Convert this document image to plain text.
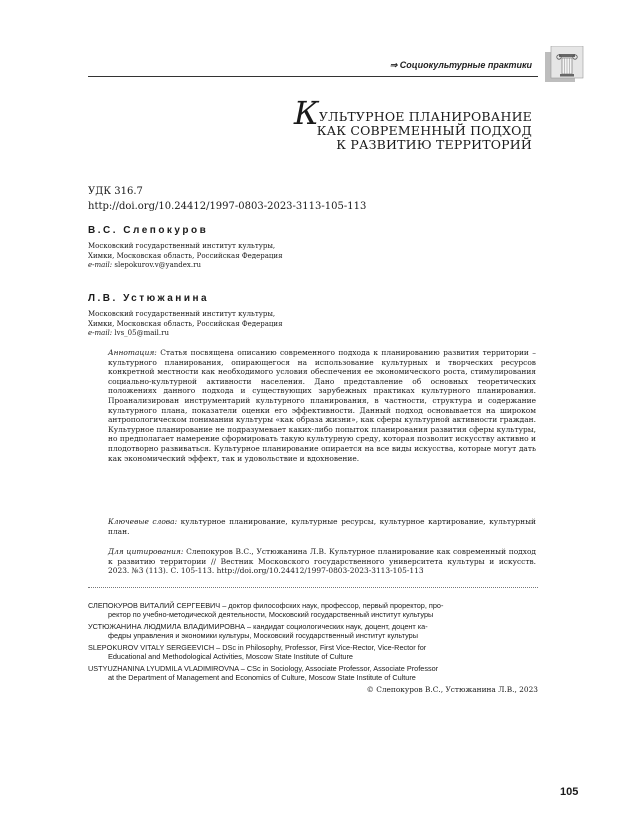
⇒ Социокультурные практики
КУЛЬТУРНОЕ ПЛАНИРОВАНИЕ
КАК СОВРЕМЕННЫЙ ПОДХОД
К РАЗВИТИЮ ТЕРРИТОРИЙ
УДК 316.7
http://doi.org/10.24412/1997-0803-2023-3113-105-113
В.С. Слепокуров
Московский государственный институт культуры,
Химки, Московская область, Российская Федерация
e-mail: slepokurov.v@yandex.ru
Л.В. Устюжанина
Московский государственный институт культуры,
Химки, Московская область, Российская Федерация
e-mail: lvs_05@mail.ru
Аннотация: Статья посвящена описанию современного подхода к планированию развития территории – культурного планирования, опирающегося на использование культурных и творческих ресурсов конкретной местности как необходимого условия обеспечения ее экономического роста, стимулирования социально-культурной активности населения. Дано представление об основных теоретических положениях данного подхода и существующих зарубежных практиках культурного планирования. Проанализирован инструментарий культурного планирования, в частности, структура и содержание культурного плана, показатели оценки его эффективности. Данный подход основывается на широком антропологическом понимании культуры «как образа жизни», как сферы культурной активности граждан. Культурное планирование не подразумевает каких-либо попыток планирования развития сферы культуры, но предполагает намерение сформировать такую культурную среду, которая позволит искусству активно и плодотворно развиваться. Культурное планирование опирается на все виды искусства, которые могут дать как экономический эффект, так и удовольствие и вдохновение.
Ключевые слова: культурное планирование, культурные ресурсы, культурное картирование, культурный план.
Для цитирования: Слепокуров В.С., Устюжанина Л.В. Культурное планирование как современный подход к развитию территории // Вестник Московского государственного университета культуры и искусств. 2023. №3 (113). С. 105-113. http://doi.org/10.24412/1997-0803-2023-3113-105-113
СЛЕПОКУРОВ ВИТАЛИЙ СЕРГЕЕВИЧ – доктор философских наук, профессор, первый проректор, про-
ректор по учебно-методической деятельности, Московский государственный институт культуры
УСТЮЖАНИНА ЛЮДМИЛА ВЛАДИМИРОВНА – кандидат социологических наук, доцент, доцент ка-
федры управления и экономики культуры, Московский государственный институт культуры
SLEPOKUROV VITALY SERGEEVICH – DSc in Philosophy, Professor, First Vice-Rector, Vice-Rector for
Educational and Methodological Activities, Moscow State Institute of Culture
USTYUZHANINA LYUDMILA VLADIMIROVNA – CSc in Sociology, Associate Professor, Associate Professor
at the Department of Management and Economics of Culture, Moscow State Institute of Culture
© Слепокуров В.С., Устюжанина Л.В., 2023
105
